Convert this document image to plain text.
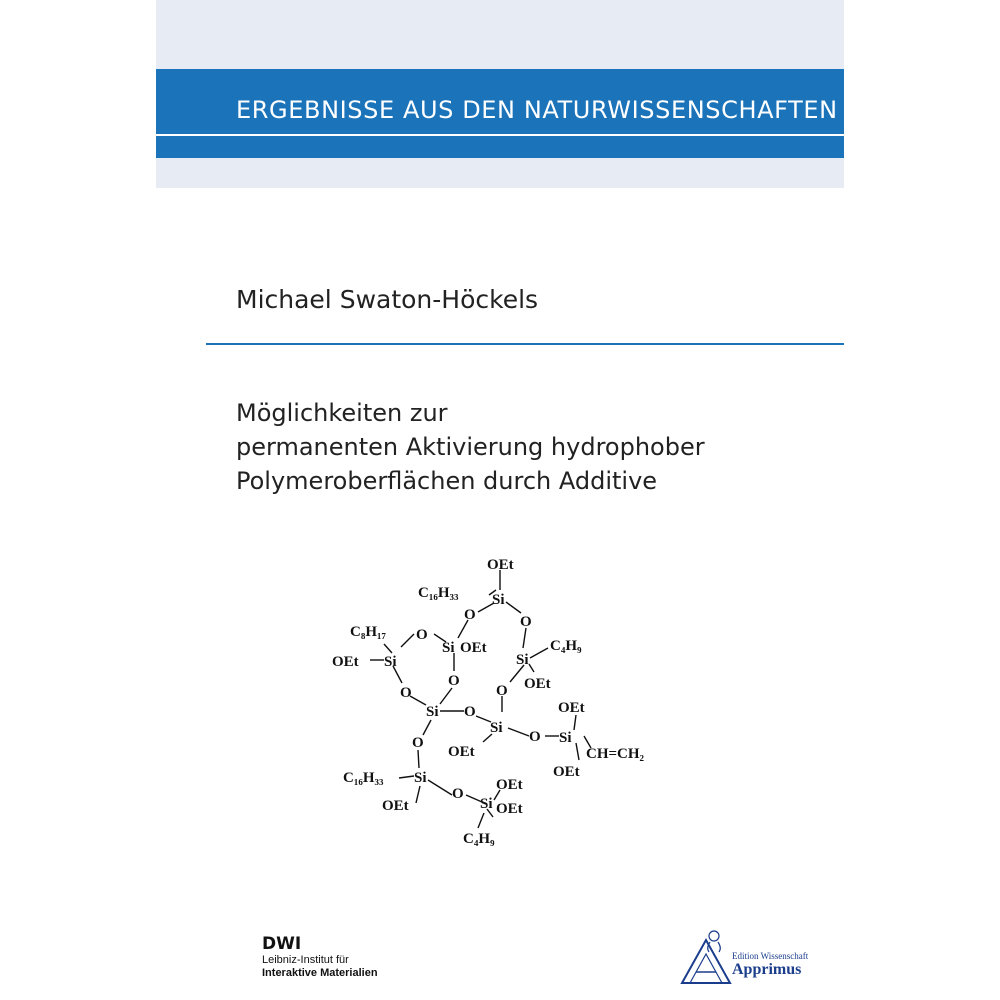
ERGEBNISSE AUS DEN NATURWISSENSCHAFTEN
Michael Swaton-Höckels
Möglichkeiten zur
permanenten Aktivierung hydrophober
Polymeroberflächen durch Additive
OEt
C₁₆H₃₃ Si
O	O
C₈H₁₇ O
Si OEt
OEt Si	Si
C₄H₉
OEt
O
O
O
Si O
Si
OEt
O Si
OEt
OEt
CH=CH₂
O
C₁₆H₃₃ Si
OEt
O
Si
OEt
OEt
C₄H₉
DWI
Leibniz-Institut für
Interaktive Materialien
Edition Wissenschaft
Apprimus
